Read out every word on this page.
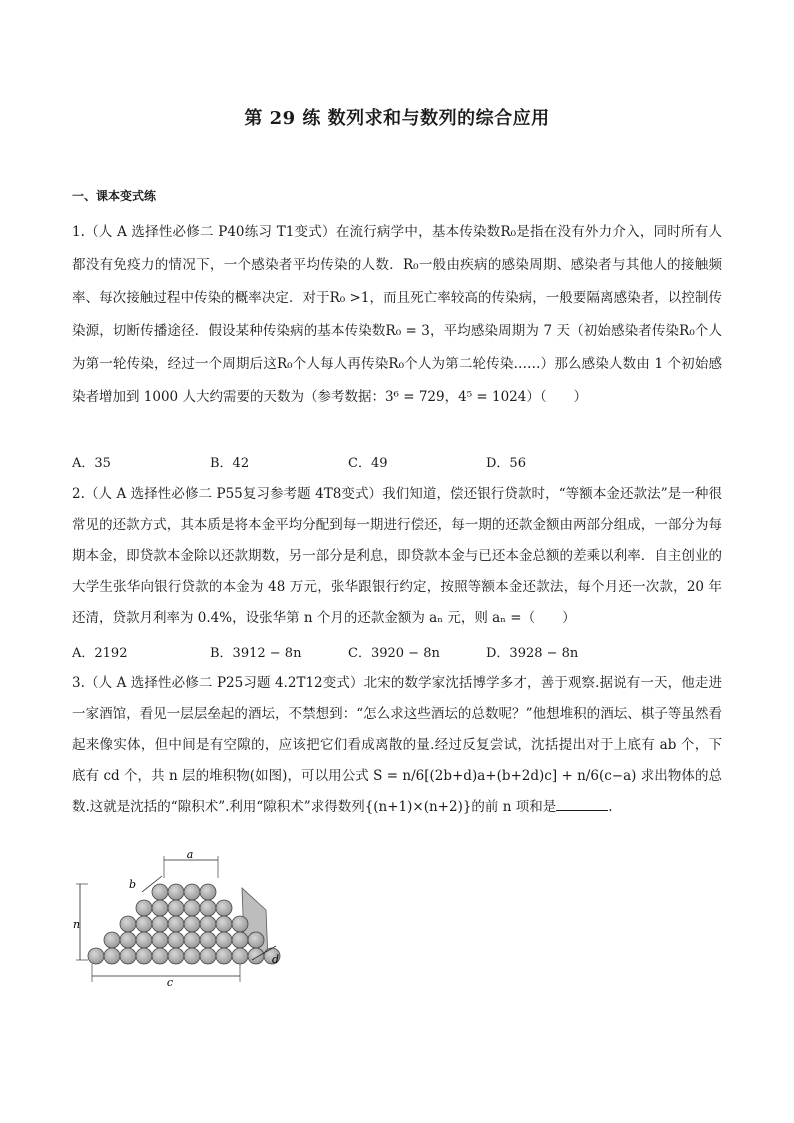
第 29 练 数列求和与数列的综合应用
一、课本变式练
1.（人 A 选择性必修二 P40练习 T1变式）在流行病学中，基本传染数R₀是指在没有外力介入，同时所有人都没有免疫力的情况下，一个感染者平均传染的人数．R₀一般由疾病的感染周期、感染者与其他人的接触频率、每次接触过程中传染的概率决定．对于R₀ >1，而且死亡率较高的传染病，一般要隔离感染者，以控制传染源，切断传播途径．假设某种传染病的基本传染数R₀ = 3，平均感染周期为 7 天（初始感染者传染R₀个人为第一轮传染，经过一个周期后这R₀个人每人再传染R₀个人为第二轮传染……）那么感染人数由 1 个初始感染者增加到 1000 人大约需要的天数为（参考数据：3⁶ = 729，4⁵ = 1024）（　　）
A．35	B．42	C．49	D．56
2.（人 A 选择性必修二 P55复习参考题 4T8变式）我们知道，偿还银行贷款时，“等额本金还款法”是一种很常见的还款方式，其本质是将本金平均分配到每一期进行偿还，每一期的还款金额由两部分组成，一部分为每期本金，即贷款本金除以还款期数，另一部分是利息，即贷款本金与已还本金总额的差乘以利率．自主创业的大学生张华向银行贷款的本金为 48 万元，张华跟银行约定，按照等额本金还款法，每个月还一次款，20 年还清，贷款月利率为 0.4%，设张华第 n 个月的还款金额为 aₙ 元，则 aₙ =（　　）
A．2192	B．3912 − 8n	C．3920 − 8n	D．3928 − 8n
3.（人 A 选择性必修二 P25习题 4.2T12变式）北宋的数学家沈括博学多才，善于观察.据说有一天，他走进一家酒馆，看见一层层垒起的酒坛，不禁想到：“怎么求这些酒坛的总数呢？”他想堆积的酒坛、棋子等虽然看起来像实体，但中间是有空隙的，应该把它们看成离散的量.经过反复尝试，沈括提出对于上底有 ab 个，下底有 cd 个，共 n 层的堆积物(如图)，可以用公式 S = n/6[(2b+d)a+(b+2d)c] + n/6(c−a) 求出物体的总数.这就是沈括的“隙积术”.利用“隙积术”求得数列{(n+1)×(n+2)}的前 n 项和是	.
a
b
n
c
d
